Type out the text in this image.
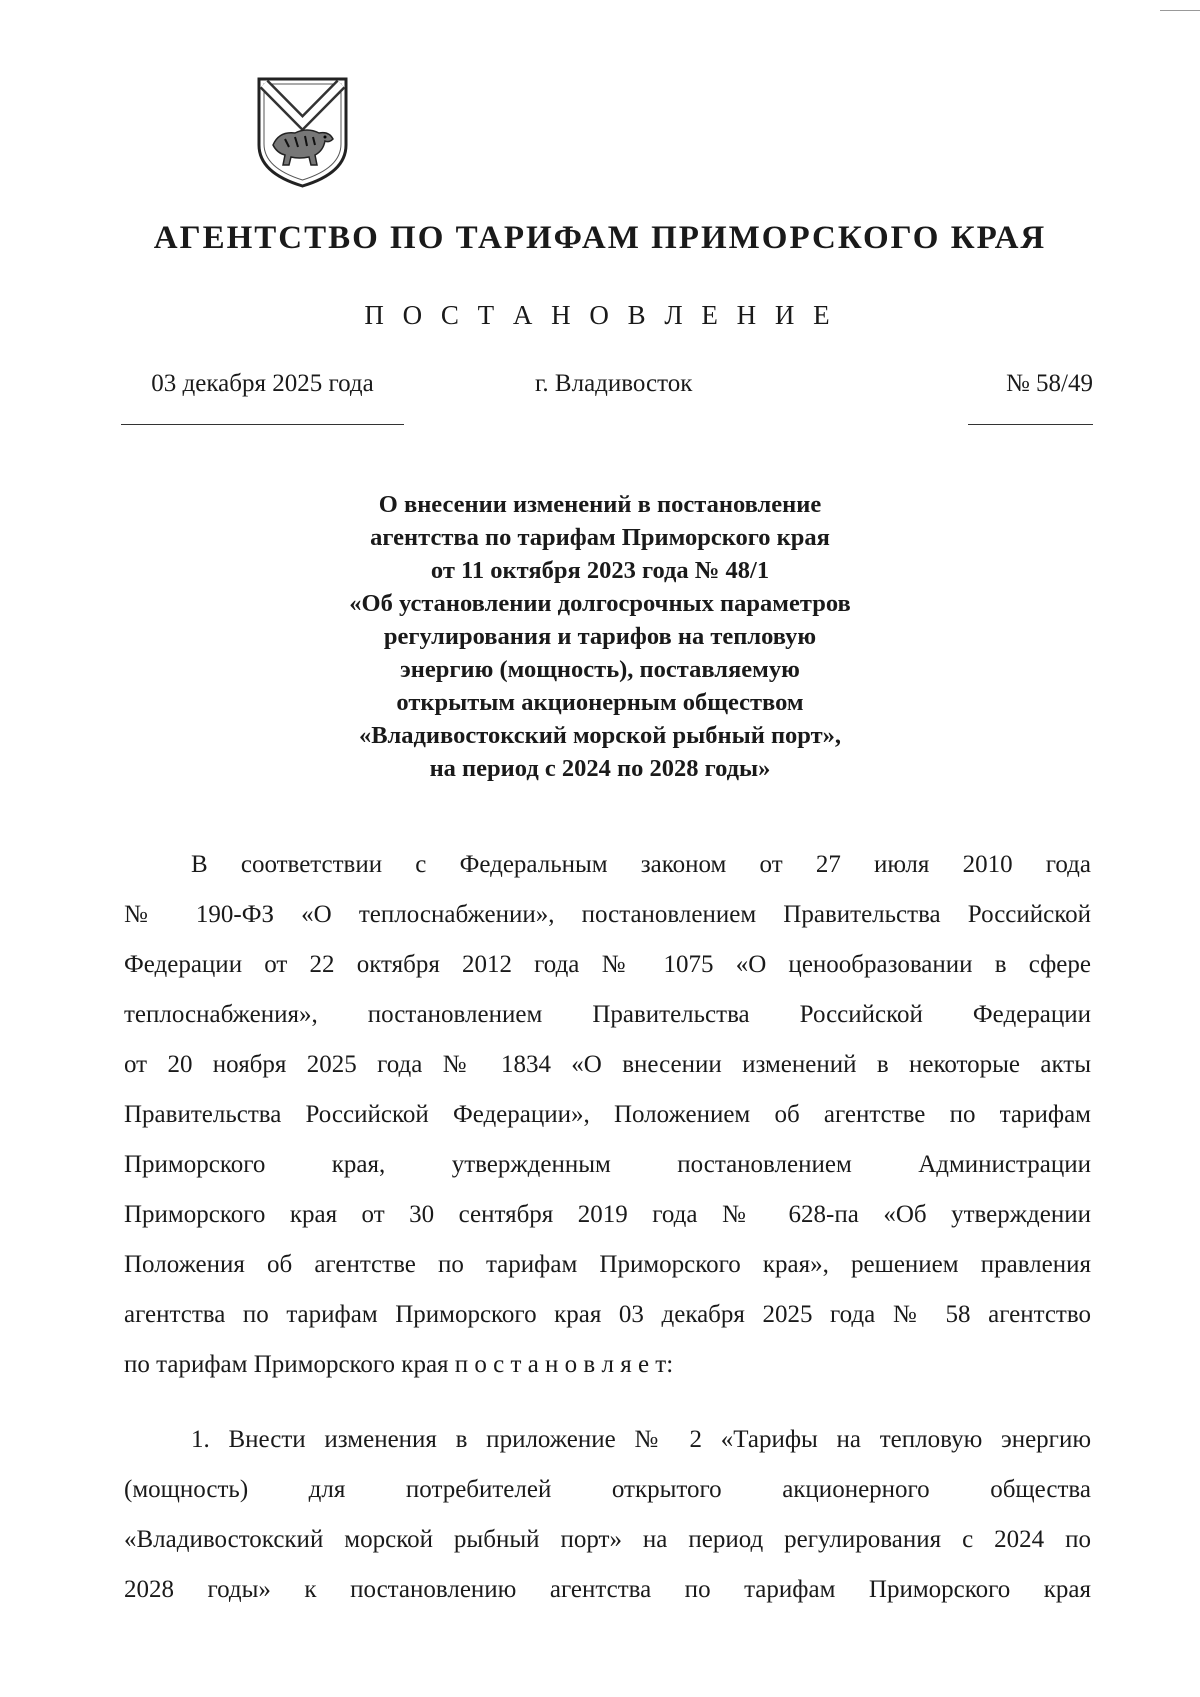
АГЕНТСТВО ПО ТАРИФАМ ПРИМОРСКОГО КРАЯ
П О С Т А Н О В Л Е Н И Е
03 декабря 2025 года	г. Владивосток	№ 58/49
О внесении изменений в постановление
агентства по тарифам Приморского края
от 11 октября 2023 года № 48/1
«Об установлении долгосрочных параметров
регулирования и тарифов на тепловую
энергию (мощность), поставляемую
открытым акционерным обществом
«Владивостокский морской рыбный порт»,
на период с 2024 по 2028 годы»
В соответствии с Федеральным законом от 27 июля 2010 года
№ 190-ФЗ «О теплоснабжении», постановлением Правительства Российской
Федерации от 22 октября 2012 года № 1075 «О ценообразовании в сфере
теплоснабжения», постановлением Правительства Российской Федерации
от 20 ноября 2025 года № 1834 «О внесении изменений в некоторые акты
Правительства Российской Федерации», Положением об агентстве по тарифам
Приморского края, утвержденным постановлением Администрации
Приморского края от 30 сентября 2019 года № 628-па «Об утверждении
Положения об агентстве по тарифам Приморского края», решением правления
агентства по тарифам Приморского края 03 декабря 2025 года № 58 агентство
по тарифам Приморского края п о с т а н о в л я е т:
1. Внести изменения в приложение № 2 «Тарифы на тепловую энергию
(мощность) для потребителей открытого акционерного общества
«Владивостокский морской рыбный порт» на период регулирования с 2024 по
2028 годы» к постановлению агентства по тарифам Приморского края
